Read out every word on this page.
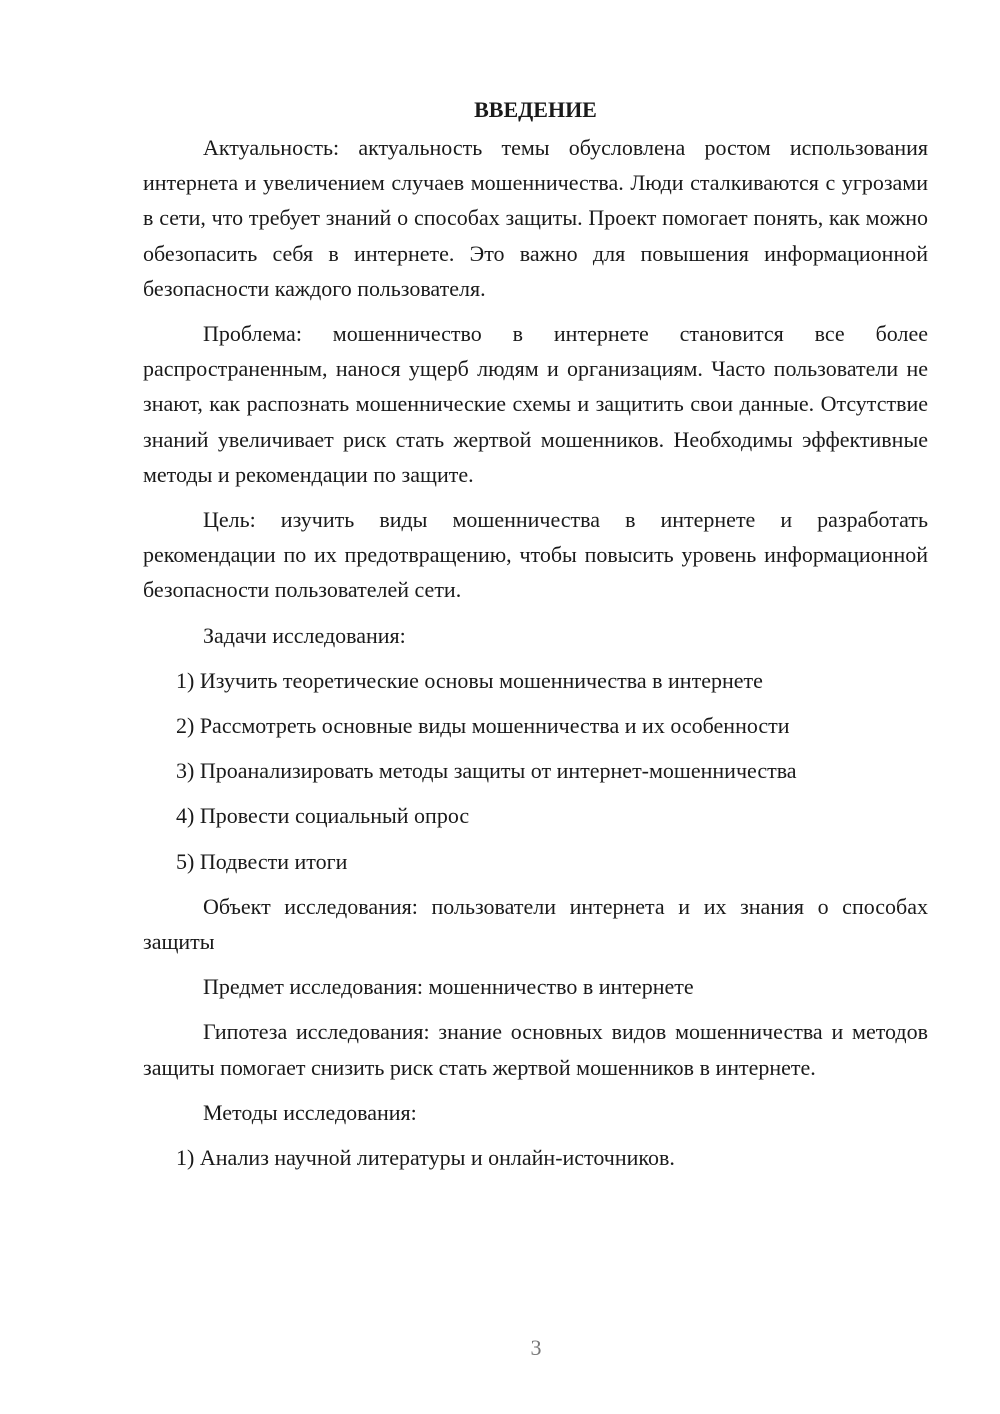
ВВЕДЕНИЕ

Актуальность: актуальность темы обусловлена ростом использования интернета и увеличением случаев мошенничества. Люди сталкиваются с угрозами в сети, что требует знаний о способах защиты. Проект помогает понять, как можно обезопасить себя в интернете. Это важно для повышения информационной безопасности каждого пользователя.

Проблема: мошенничество в интернете становится все более распространенным, нанося ущерб людям и организациям. Часто пользователи не знают, как распознать мошеннические схемы и защитить свои данные. Отсутствие знаний увеличивает риск стать жертвой мошенников. Необходимы эффективные методы и рекомендации по защите.

Цель: изучить виды мошенничества в интернете и разработать рекомендации по их предотвращению, чтобы повысить уровень информационной безопасности пользователей сети.

Задачи исследования:

1) Изучить теоретические основы мошенничества в интернете

2) Рассмотреть основные виды мошенничества и их особенности

3) Проанализировать методы защиты от интернет-мошенничества

4) Провести социальный опрос

5) Подвести итоги

Объект исследования: пользователи интернета и их знания о способах защиты

Предмет исследования: мошенничество в интернете

Гипотеза исследования: знание основных видов мошенничества и методов защиты помогает снизить риск стать жертвой мошенников в интернете.

Методы исследования:

1) Анализ научной литературы и онлайн-источников.

3
